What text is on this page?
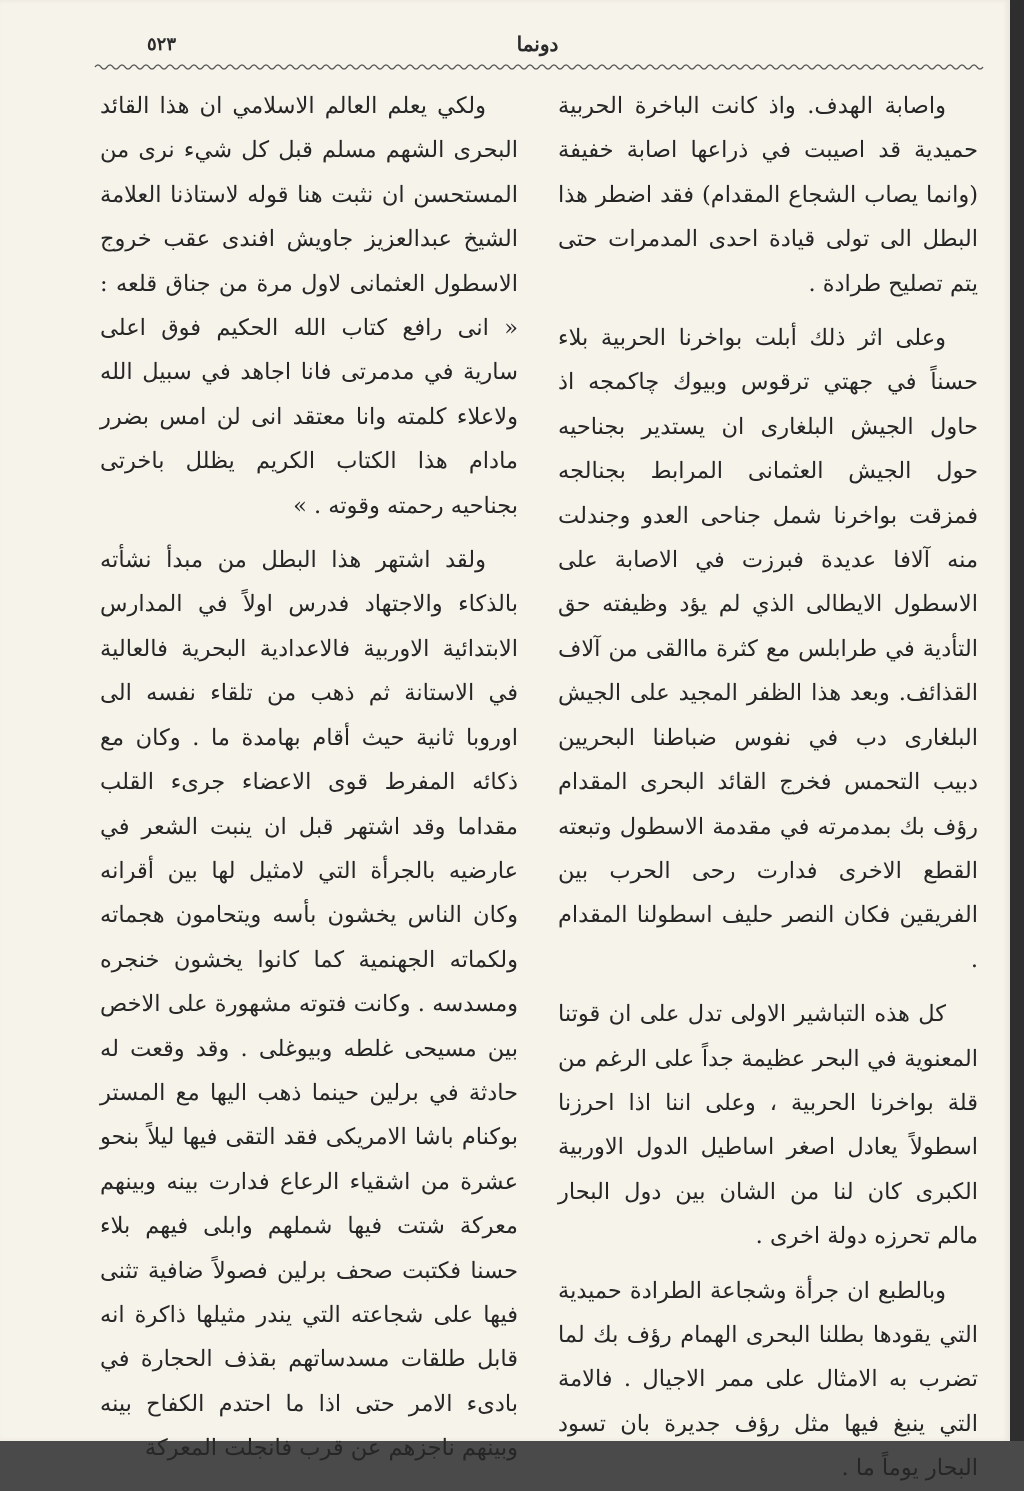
٥٢٣	دونما

واصابة الهدف. واذ كانت الباخرة الحربية حميدية قد اصيبت في ذراعها اصابة خفيفة (وانما يصاب الشجاع المقدام) فقد اضطر هذا البطل الى تولى قيادة احدى المدمرات حتى يتم تصليح طرادة .

وعلى اثر ذلك أبلت بواخرنا الحربية بلاء حسناً في جهتي ترقوس وبيوك چاكمجه اذ حاول الجيش البلغارى ان يستدير بجناحيه حول الجيش العثمانى المرابط بجنالجه فمزقت بواخرنا شمل جناحى العدو وجندلت منه آلافا عديدة فبرزت في الاصابة على الاسطول الايطالى الذي لم يؤد وظيفته حق التأدية في طرابلس مع كثرة ماالقى من آلاف القذائف. وبعد هذا الظفر المجيد على الجيش البلغارى دب في نفوس ضباطنا البحريين دبيب التحمس فخرج القائد البحرى المقدام رؤف بك بمدمرته في مقدمة الاسطول وتبعته القطع الاخرى فدارت رحى الحرب بين الفريقين فكان النصر حليف اسطولنا المقدام .

كل هذه التباشير الاولى تدل على ان قوتنا المعنوية في البحر عظيمة جداً على الرغم من قلة بواخرنا الحربية ، وعلى اننا اذا احرزنا اسطولاً يعادل اصغر اساطيل الدول الاوربية الكبرى كان لنا من الشان بين دول البحار مالم تحرزه دولة اخرى .

وبالطبع ان جرأة وشجاعة الطرادة حميدية التي يقودها بطلنا البحرى الهمام رؤف بك لما تضرب به الامثال على ممر الاجيال . فالامة التي ينبغ فيها مثل رؤف جديرة بان تسود البحار يوماً ما .

ولكي يعلم العالم الاسلامي ان هذا القائد البحرى الشهم مسلم قبل كل شيء نرى من المستحسن ان نثبت هنا قوله لاستاذنا العلامة الشيخ عبدالعزيز جاويش افندى عقب خروج الاسطول العثمانى لاول مرة من جناق قلعه : « انى رافع كتاب الله الحكيم فوق اعلى سارية في مدمرتى فانا اجاهد في سبيل الله ولاعلاء كلمته وانا معتقد انى لن امس بضرر مادام هذا الكتاب الكريم يظلل باخرتى بجناحيه رحمته وقوته . »

ولقد اشتهر هذا البطل من مبدأ نشأته بالذكاء والاجتهاد فدرس اولاً في المدارس الابتدائية الاوربية فالاعدادية البحرية فالعالية في الاستانة ثم ذهب من تلقاء نفسه الى اوروبا ثانية حيث أقام بهامدة ما . وكان مع ذكائه المفرط قوى الاعضاء جرىء القلب مقداما وقد اشتهر قبل ان ينبت الشعر في عارضيه بالجرأة التي لامثيل لها بين أقرانه وكان الناس يخشون بأسه ويتحامون هجماته ولكماته الجهنمية كما كانوا يخشون خنجره ومسدسه . وكانت فتوته مشهورة على الاخص بين مسيحى غلطه وبيوغلى . وقد وقعت له حادثة في برلين حينما ذهب اليها مع المستر بوكنام باشا الامريكى فقد التقى فيها ليلاً بنحو عشرة من اشقياء الرعاع فدارت بينه وبينهم معركة شتت فيها شملهم وابلى فيهم بلاء حسنا فكتبت صحف برلين فصولاً ضافية تثنى فيها على شجاعته التي يندر مثيلها ذاكرة انه قابل طلقات مسدساتهم بقذف الحجارة في بادىء الامر حتى اذا ما احتدم الكفاح بينه وبينهم ناجزهم عن قرب فانجلت المعركة
